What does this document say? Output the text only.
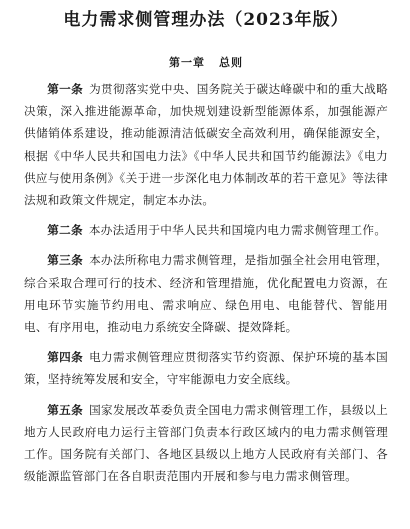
电力需求侧管理办法（2023年版）
第一章 总则

第一条 为贯彻落实党中央、国务院关于碳达峰碳中和的重大战略决策，深入推进能源革命，加快规划建设新型能源体系，加强能源产供储销体系建设，推动能源清洁低碳安全高效利用，确保能源安全，根据《中华人民共和国电力法》《中华人民共和国节约能源法》《电力供应与使用条例》《关于进一步深化电力体制改革的若干意见》等法律法规和政策文件规定，制定本办法。

第二条 本办法适用于中华人民共和国境内电力需求侧管理工作。

第三条 本办法所称电力需求侧管理，是指加强全社会用电管理，综合采取合理可行的技术、经济和管理措施，优化配置电力资源，在用电环节实施节约用电、需求响应、绿色用电、电能替代、智能用电、有序用电，推动电力系统安全降碳、提效降耗。

第四条 电力需求侧管理应贯彻落实节约资源、保护环境的基本国策，坚持统筹发展和安全，守牢能源电力安全底线。

第五条 国家发展改革委负责全国电力需求侧管理工作，县级以上地方人民政府电力运行主管部门负责本行政区域内的电力需求侧管理工作。国务院有关部门、各地区县级以上地方人民政府有关部门、各级能源监管部门在各自职责范围内开展和参与电力需求侧管理。
